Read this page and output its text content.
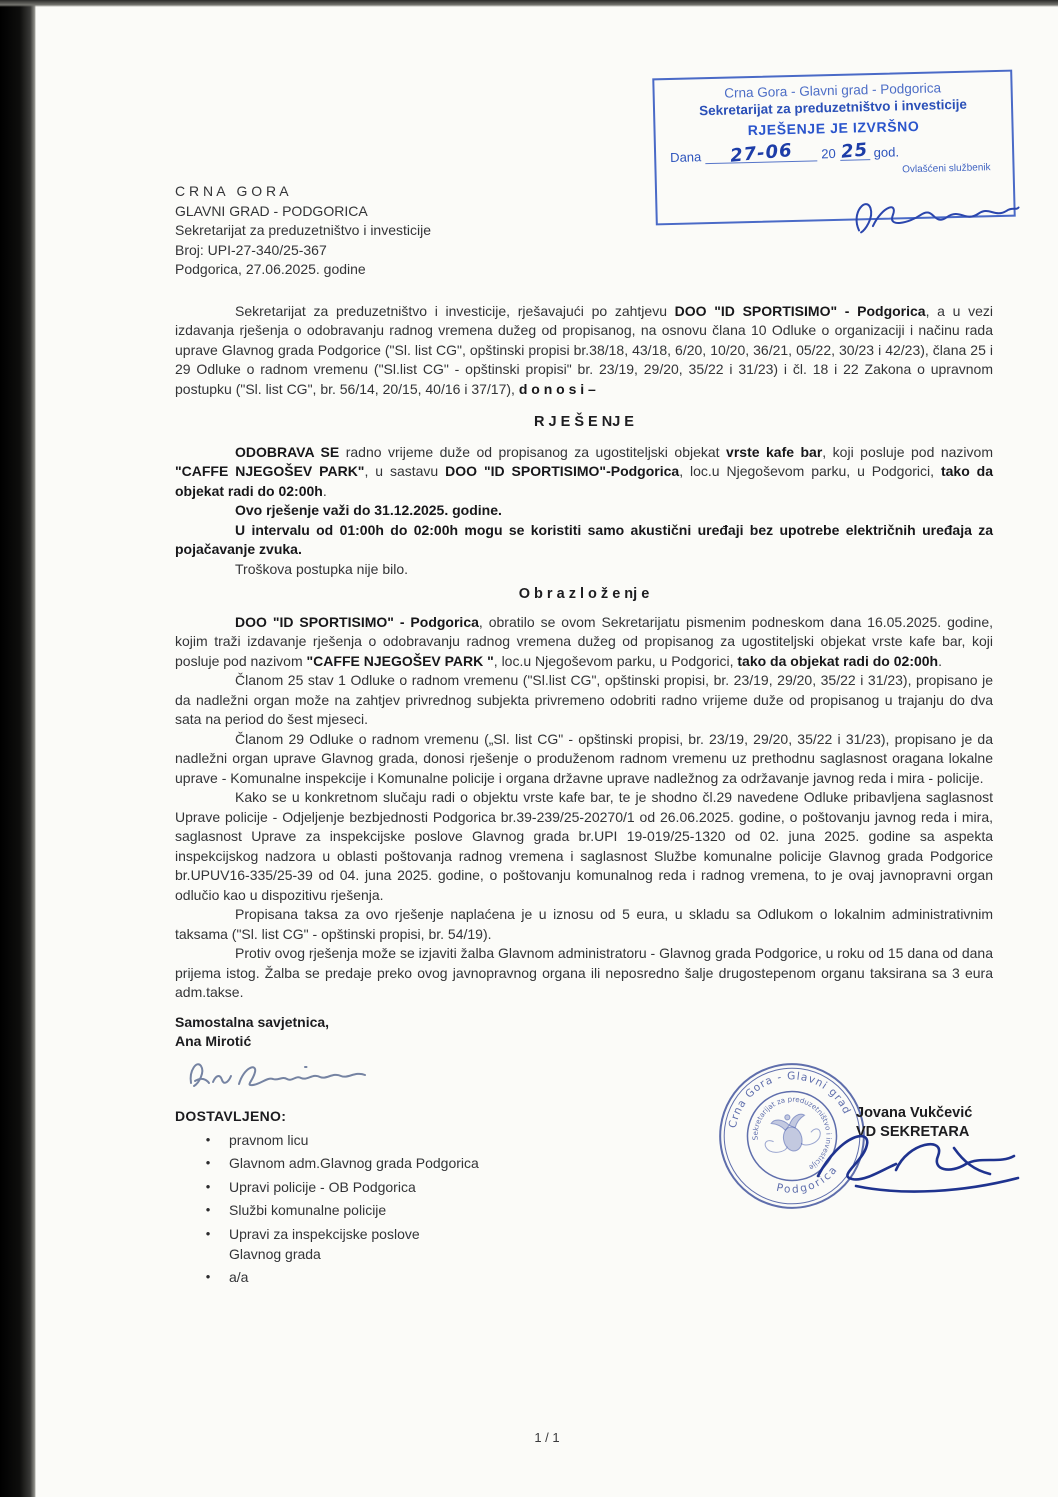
Crna Gora - Glavni grad - Podgorica
Sekretarijat za preduzetništvo i investicije
RJEŠENJE JE IZVRŠNO
Dana	27-06	20 25 god.
Ovlašćeni službenik
C R N A   G O R A
GLAVNI GRAD - PODGORICA
Sekretarijat za preduzetništvo i investicije
Broj: UPI-27-340/25-367
Podgorica, 27.06.2025. godine

Sekretarijat za preduzetništvo i investicije, rješavajući po zahtjevu DOO "ID SPORTISIMO" - Podgorica, a u vezi izdavanja rješenja o odobravanju radnog vremena dužeg od propisanog, na osnovu člana 10 Odluke o organizaciji i načinu rada uprave Glavnog grada Podgorice ("Sl. list CG", opštinski propisi br.38/18, 43/18, 6/20, 10/20, 36/21, 05/22, 30/23 i 42/23), člana 25 i 29 Odluke o radnom vremenu ("Sl.list CG" - opštinski propisi" br. 23/19, 29/20, 35/22 i 31/23) i čl. 18 i 22 Zakona o upravnom postupku ("Sl. list CG", br. 56/14, 20/15, 40/16 i 37/17), d o n o s i –

R J E Š E NJ E

ODOBRAVA SE radno vrijeme duže od propisanog za ugostiteljski objekat vrste kafe bar, koji posluje pod nazivom "CAFFE NJEGOŠEV PARK", u sastavu DOO "ID SPORTISIMO"-Podgorica, loc.u Njegoševom parku, u Podgorici, tako da objekat radi do 02:00h.

Ovo rješenje važi do 31.12.2025. godine.

U intervalu od 01:00h do 02:00h mogu se koristiti samo akustični uređaji bez upotrebe električnih uređaja za pojačavanje zvuka.

Troškova postupka nije bilo.

O b r a z l o ž e nj e

DOO "ID SPORTISIMO" - Podgorica, obratilo se ovom Sekretarijatu pismenim podneskom dana 16.05.2025. godine, kojim traži izdavanje rješenja o odobravanju radnog vremena dužeg od propisanog za ugostiteljski objekat vrste kafe bar, koji posluje pod nazivom "CAFFE NJEGOŠEV PARK ", loc.u Njegoševom parku, u Podgorici, tako da objekat radi do 02:00h.

Članom 25 stav 1 Odluke o radnom vremenu ("Sl.list CG", opštinski propisi, br. 23/19, 29/20, 35/22 i 31/23), propisano je da nadležni organ može na zahtjev privrednog subjekta privremeno odobriti radno vrijeme duže od propisanog u trajanju do dva sata na period do šest mjeseci.

Članom 29 Odluke o radnom vremenu („Sl. list CG" - opštinski propisi, br. 23/19, 29/20, 35/22 i 31/23), propisano je da nadležni organ uprave Glavnog grada, donosi rješenje o produženom radnom vremenu uz prethodnu saglasnost oragana lokalne uprave - Komunalne inspekcije i Komunalne policije i organa državne uprave nadležnog za održavanje javnog reda i mira - policije.

Kako se u konkretnom slučaju radi o objektu vrste kafe bar, te je shodno čl.29 navedene Odluke pribavljena saglasnost Uprave policije - Odjeljenje bezbjednosti Podgorica br.39-239/25-20270/1 od 26.06.2025. godine, o poštovanju javnog reda i mira, saglasnost Uprave za inspekcijske poslove Glavnog grada br.UPI 19-019/25-1320 od 02. juna 2025. godine sa aspekta inspekcijskog nadzora u oblasti poštovanja radnog vremena i saglasnost Službe komunalne policije Glavnog grada Podgorice br.UPUV16-335/25-39 od 04. juna 2025. godine, o poštovanju komunalnog reda i radnog vremena, to je ovaj javnopravni organ odlučio kao u dispozitivu rješenja.

Propisana taksa za ovo rješenje naplaćena je u iznosu od 5 eura, u skladu sa Odlukom o lokalnim administrativnim taksama ("Sl. list CG" - opštinski propisi, br. 54/19).

Protiv ovog rješenja može se izjaviti žalba Glavnom administratoru - Glavnog grada Podgorice, u roku od 15 dana od dana prijema istog. Žalba se predaje preko ovog javnopravnog organa ili neposredno šalje drugostepenom organu taksirana sa 3 eura adm.takse.

Samostalna savjetnica,
Ana Mirotić
DOSTAVLJENO:
•	pravnom licu
•	Glavnom adm.Glavnog grada Podgorica
•	Upravi policije - OB Podgorica
•	Službi komunalne policije
•	Upravi za inspekcijske poslove
Glavnog grada
•	a/a
Crna Gora - Glavni grad
Podgorica
Sekretarijat za preduzetništvo i investicije
Jovana Vukčević
VD SEKRETARA
1 / 1
